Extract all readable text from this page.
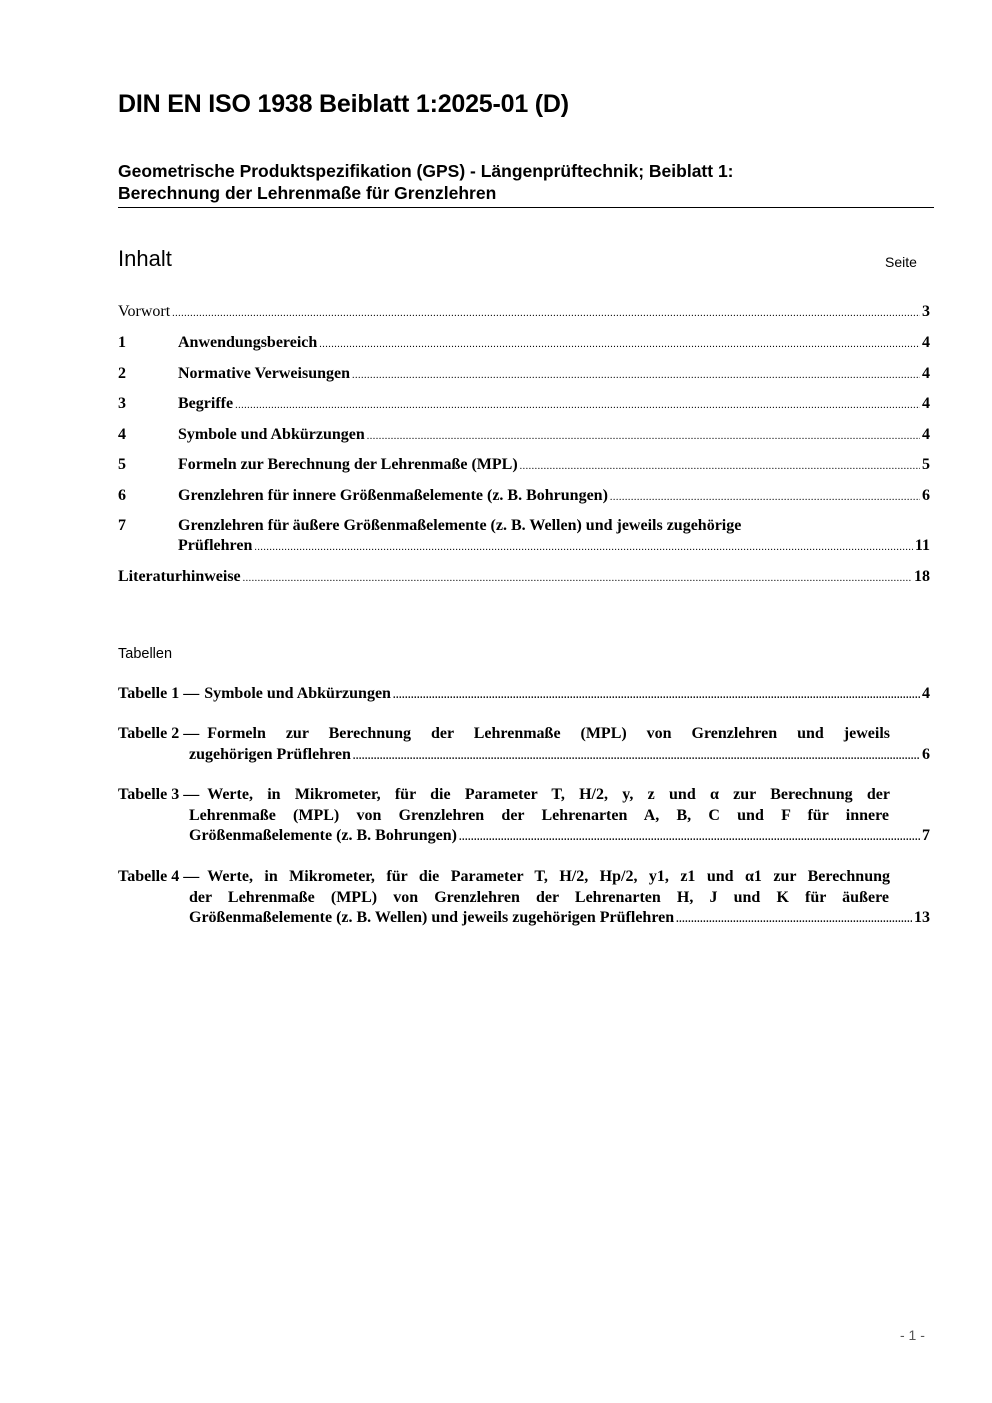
DIN EN ISO 1938 Beiblatt 1:2025-01 (D)
Geometrische Produktspezifikation (GPS) - Längenprüftechnik; Beiblatt 1:
Berechnung der Lehrenmaße für Grenzlehren
Inhalt	Seite
Vorwort .....	3
1	Anwendungsbereich .....	4
2	Normative Verweisungen .....	4
3	Begriffe .....	4
4	Symbole und Abkürzungen .....	4
5	Formeln zur Berechnung der Lehrenmaße (MPL) .....	5
6	Grenzlehren für innere Größenmaßelemente (z. B. Bohrungen) .....	6
7	Grenzlehren für äußere Größenmaßelemente (z. B. Wellen) und jeweils zugehörige
Prüflehren .....	11
Literaturhinweise .....	18
Tabellen
Tabelle 1 — Symbole und Abkürzungen .....	4
Tabelle 2 — Formeln zur Berechnung der Lehrenmaße (MPL) von Grenzlehren und jeweils
zugehörigen Prüflehren .....	6
Tabelle 3 — Werte, in Mikrometer, für die Parameter T, H/2, y, z und α zur Berechnung der
Lehrenmaße (MPL) von Grenzlehren der Lehrenarten A, B, C und F für innere
Größenmaßelemente (z. B. Bohrungen) .....	7
Tabelle 4 — Werte, in Mikrometer, für die Parameter T, H/2, Hp/2, y1, z1 und α1 zur Berechnung
der Lehrenmaße (MPL) von Grenzlehren der Lehrenarten H, J und K für äußere
Größenmaßelemente (z. B. Wellen) und jeweils zugehörigen Prüflehren .....	13
- 1 -
